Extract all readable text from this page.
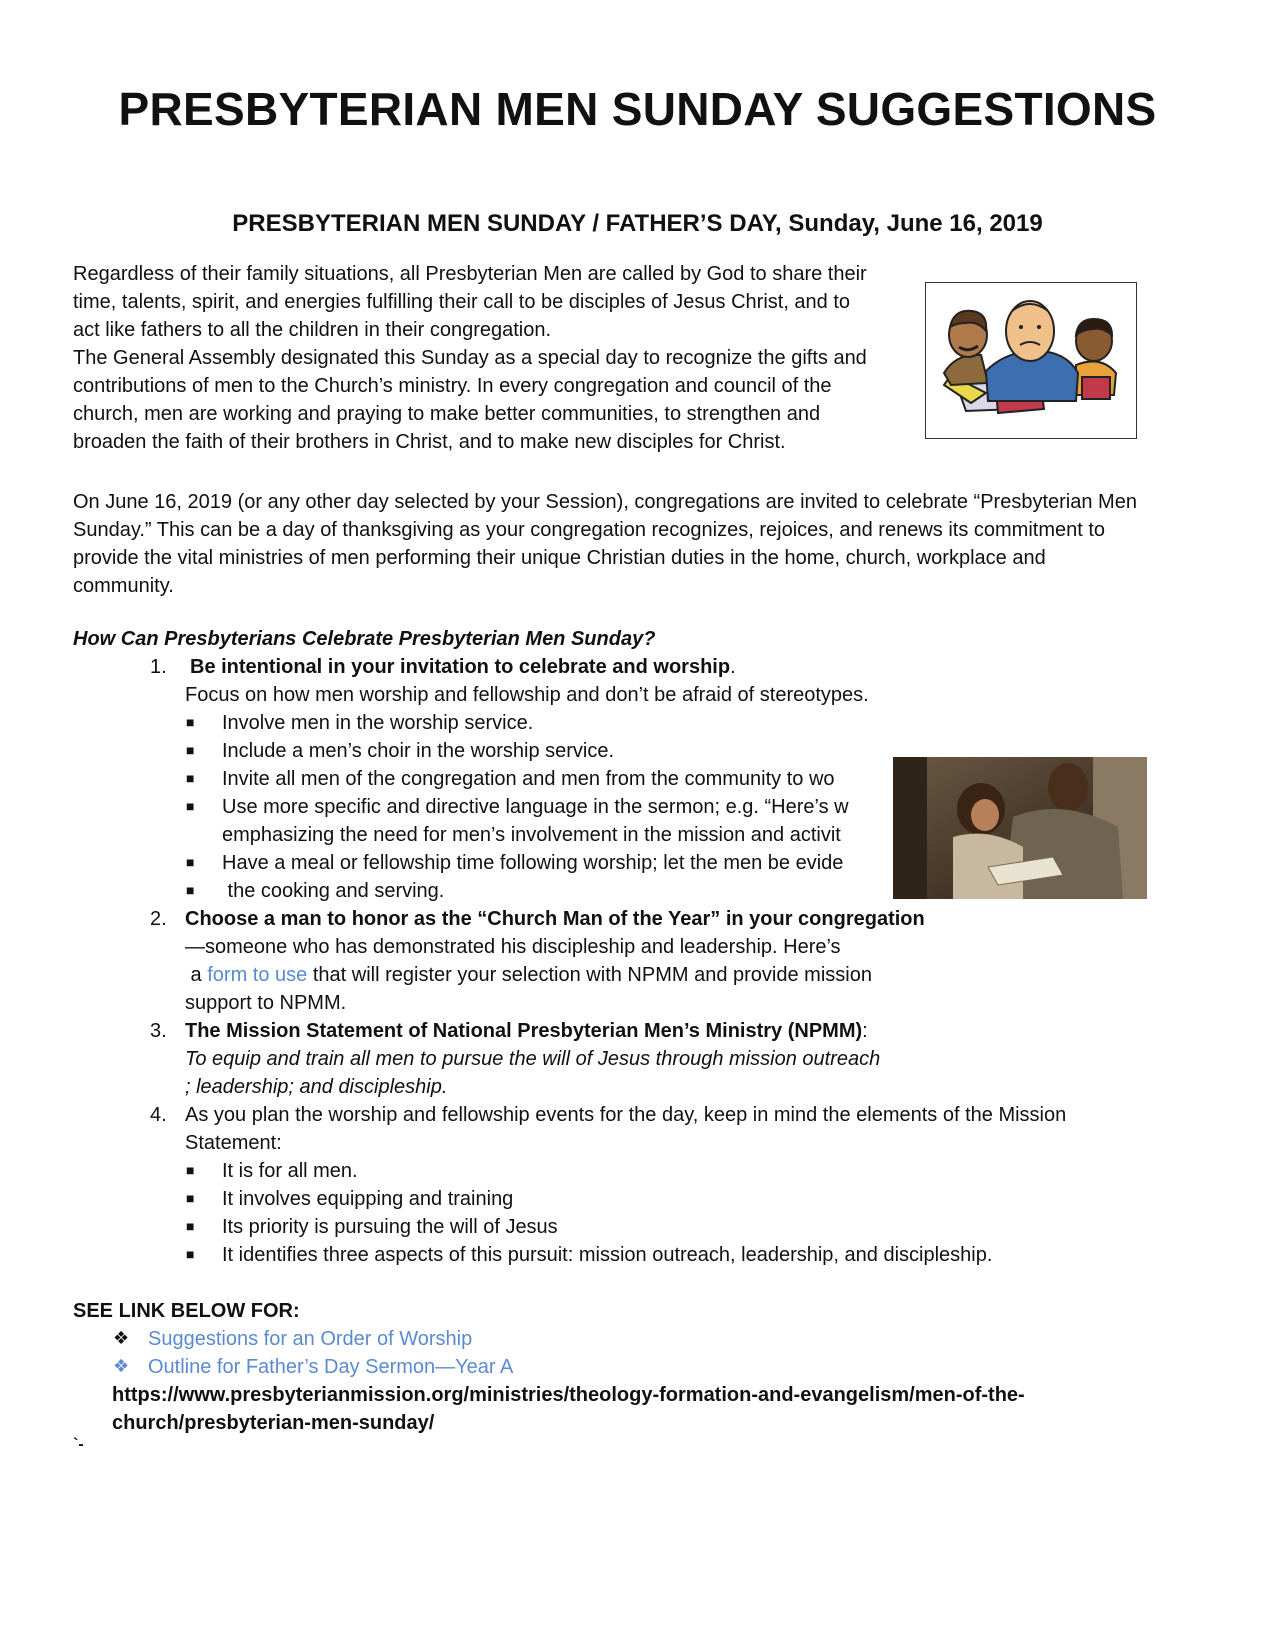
PRESBYTERIAN MEN SUNDAY SUGGESTIONS
PRESBYTERIAN MEN SUNDAY / FATHER’S DAY, Sunday, June 16, 2019
Regardless of their family situations, all Presbyterian Men are called by God to share their
time, talents, spirit, and energies fulfilling their call to be disciples of Jesus Christ, and to
act like fathers to all the children in their congregation.
The General Assembly designated this Sunday as a special day to recognize the gifts and
contributions of men to the Church’s ministry. In every congregation and council of the
church, men are working and praying to make better communities, to strengthen and
broaden the faith of their brothers in Christ, and to make new disciples for Christ.
On June 16, 2019 (or any other day selected by your Session), congregations are invited to celebrate “Presbyterian Men
Sunday.” This can be a day of thanksgiving as your congregation recognizes, rejoices, and renews its commitment to
provide the vital ministries of men performing their unique Christian duties in the home, church, workplace and
community.
How Can Presbyterians Celebrate Presbyterian Men Sunday?
1. Be intentional in your invitation to celebrate and worship.
Focus on how men worship and fellowship and don’t be afraid of stereotypes.
■ Involve men in the worship service.
■ Include a men’s choir in the worship service.
■ Invite all men of the congregation and men from the community to wo
■ Use more specific and directive language in the sermon; e.g. “Here’s w
emphasizing the need for men’s involvement in the mission and activit
■ Have a meal or fellowship time following worship; let the men be evide
■ the cooking and serving.
2. Choose a man to honor as the “Church Man of the Year” in your congregation
—someone who has demonstrated his discipleship and leadership. Here’s
a form to use that will register your selection with NPMM and provide mission
support to NPMM.
3. The Mission Statement of National Presbyterian Men’s Ministry (NPMM):
To equip and train all men to pursue the will of Jesus through mission outreach
; leadership; and discipleship.
4. As you plan the worship and fellowship events for the day, keep in mind the elements of the Mission
Statement:
■ It is for all men.
■ It involves equipping and training
■ Its priority is pursuing the will of Jesus
■ It identifies three aspects of this pursuit: mission outreach, leadership, and discipleship.
SEE LINK BELOW FOR:
❖ Suggestions for an Order of Worship
❖ Outline for Father’s Day Sermon—Year A
https://www.presbyterianmission.org/ministries/theology-formation-and-evangelism/men-of-the-
church/presbyterian-men-sunday/
`-
